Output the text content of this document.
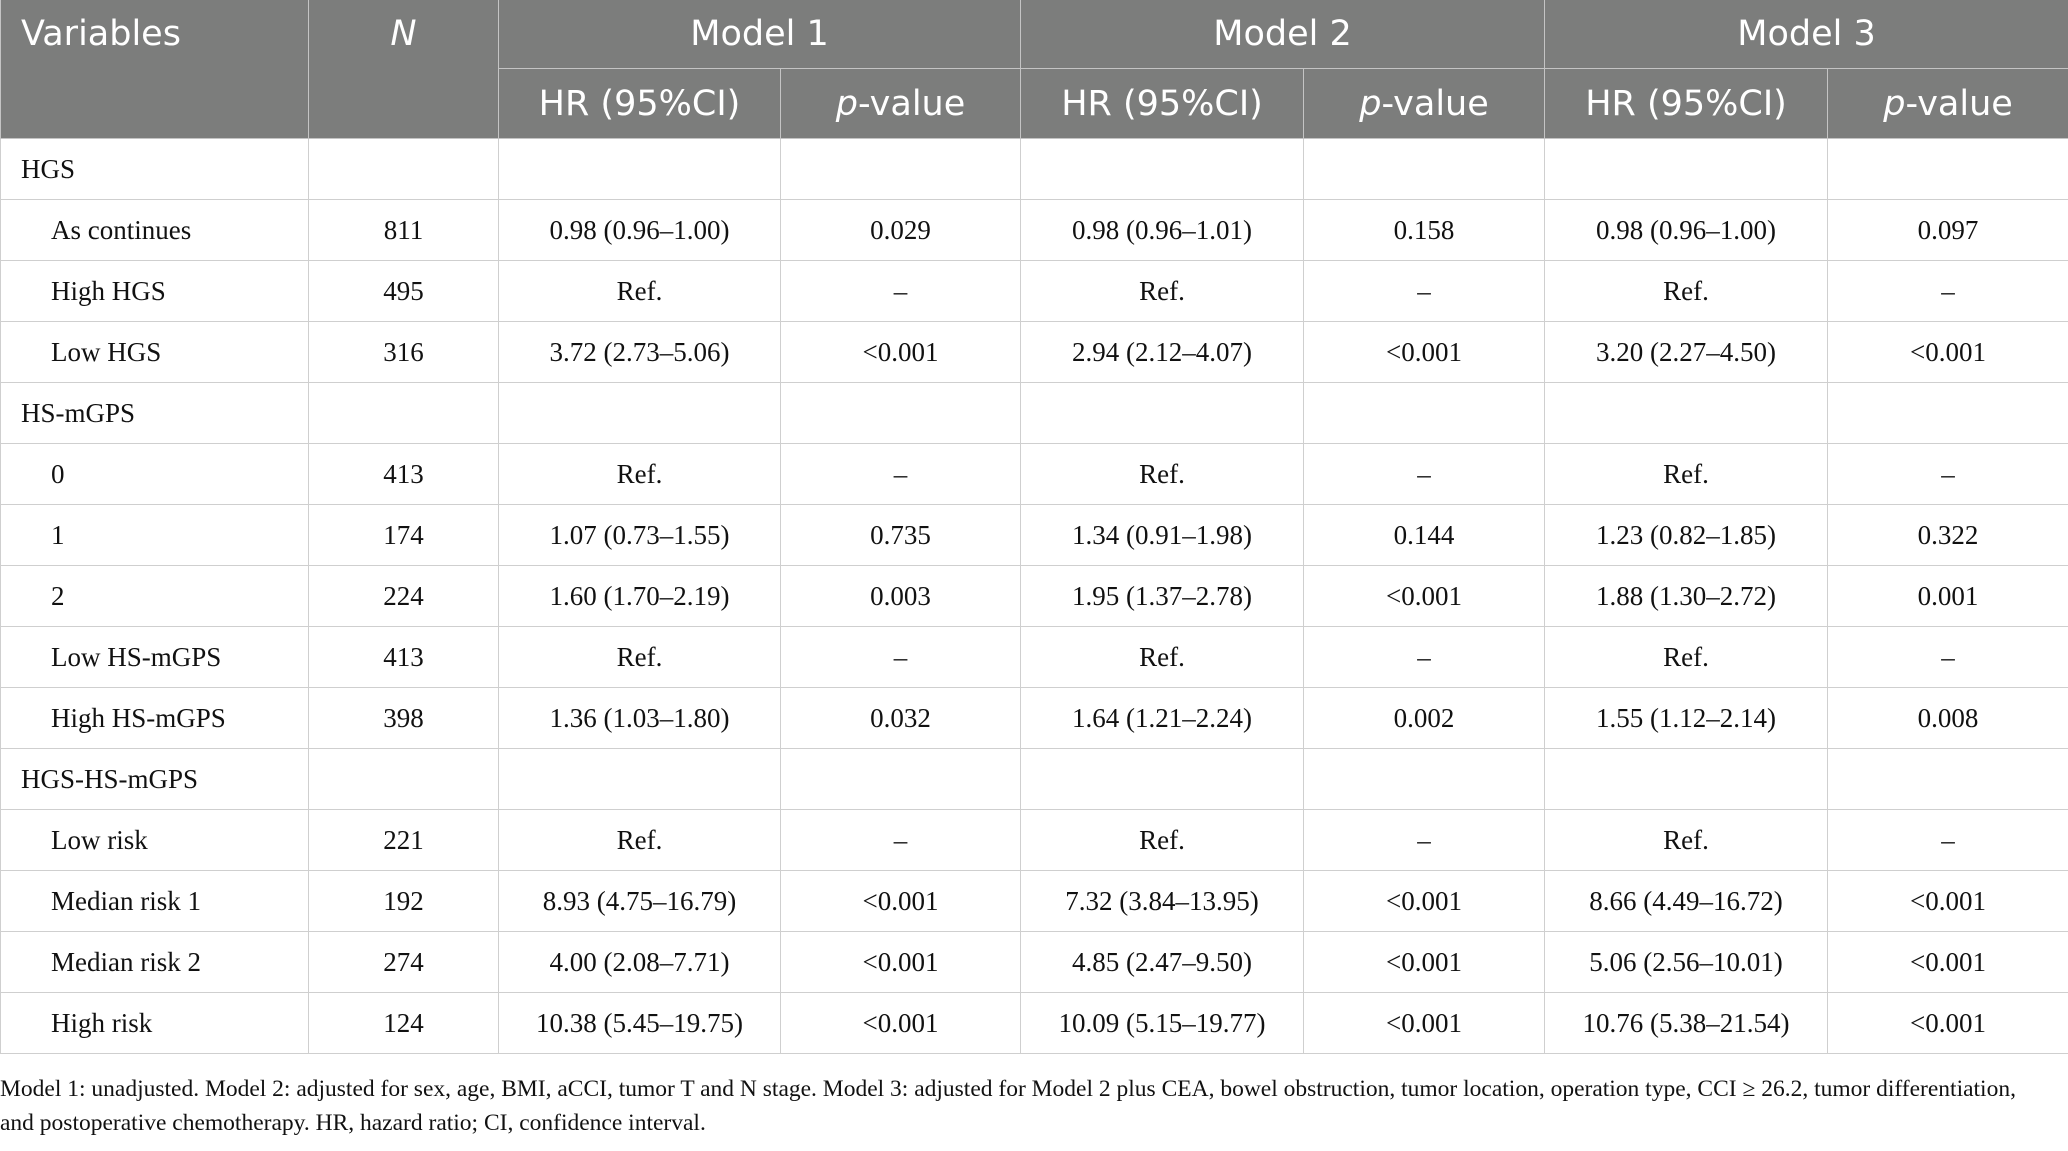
Variables	N	Model 1		Model 2		Model 3	
		HR (95%CI)	p-value	HR (95%CI)	p-value	HR (95%CI)	p-value
HGS							
As continues	811	0.98 (0.96–1.00)	0.029	0.98 (0.96–1.01)	0.158	0.98 (0.96–1.00)	0.097
High HGS	495	Ref.	–	Ref.	–	Ref.	–
Low HGS	316	3.72 (2.73–5.06)	<0.001	2.94 (2.12–4.07)	<0.001	3.20 (2.27–4.50)	<0.001
HS-mGPS							
0	413	Ref.	–	Ref.	–	Ref.	–
1	174	1.07 (0.73–1.55)	0.735	1.34 (0.91–1.98)	0.144	1.23 (0.82–1.85)	0.322
2	224	1.60 (1.70–2.19)	0.003	1.95 (1.37–2.78)	<0.001	1.88 (1.30–2.72)	0.001
Low HS-mGPS	413	Ref.	–	Ref.	–	Ref.	–
High HS-mGPS	398	1.36 (1.03–1.80)	0.032	1.64 (1.21–2.24)	0.002	1.55 (1.12–2.14)	0.008
HGS-HS-mGPS							
Low risk	221	Ref.	–	Ref.	–	Ref.	–
Median risk 1	192	8.93 (4.75–16.79)	<0.001	7.32 (3.84–13.95)	<0.001	8.66 (4.49–16.72)	<0.001
Median risk 2	274	4.00 (2.08–7.71)	<0.001	4.85 (2.47–9.50)	<0.001	5.06 (2.56–10.01)	<0.001
High risk	124	10.38 (5.45–19.75)	<0.001	10.09 (5.15–19.77)	<0.001	10.76 (5.38–21.54)	<0.001
Model 1: unadjusted. Model 2: adjusted for sex, age, BMI, aCCI, tumor T and N stage. Model 3: adjusted for Model 2 plus CEA, bowel obstruction, tumor location, operation type, CCI ≥ 26.2, tumor differentiation, and postoperative chemotherapy. HR, hazard ratio; CI, confidence interval.
